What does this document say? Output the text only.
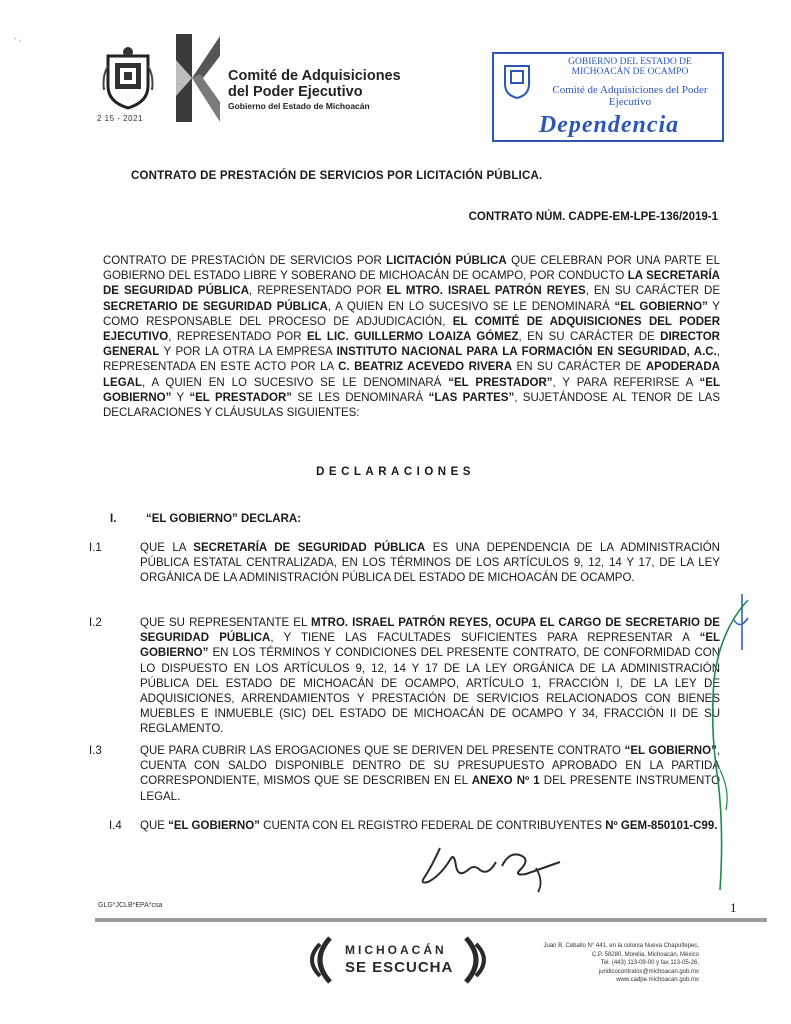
- ,
2 15 - 2021
Comité de Adquisiciones
del Poder Ejecutivo
Gobierno del Estado de Michoacán
GOBIERNO DEL ESTADO DE MICHOACÁN DE OCAMPO
Comité de Adquisiciones del Poder Ejecutivo
Dependencia
CONTRATO DE PRESTACIÓN DE SERVICIOS POR LICITACIÓN PÚBLICA.
CONTRATO NÚM. CADPE-EM-LPE-136/2019-1
CONTRATO DE PRESTACIÓN DE SERVICIOS POR LICITACIÓN PÚBLICA QUE CELEBRAN POR UNA PARTE EL GOBIERNO DEL ESTADO LIBRE Y SOBERANO DE MICHOACÁN DE OCAMPO, POR CONDUCTO LA SECRETARÍA DE SEGURIDAD PÚBLICA, REPRESENTADO POR EL MTRO. ISRAEL PATRÓN REYES, EN SU CARÁCTER DE SECRETARIO DE SEGURIDAD PÚBLICA, A QUIEN EN LO SUCESIVO SE LE DENOMINARÁ “EL GOBIERNO” Y COMO RESPONSABLE DEL PROCESO DE ADJUDICACIÓN, EL COMITÉ DE ADQUISICIONES DEL PODER EJECUTIVO, REPRESENTADO POR EL LIC. GUILLERMO LOAIZA GÓMEZ, EN SU CARÁCTER DE DIRECTOR GENERAL Y POR LA OTRA LA EMPRESA INSTITUTO NACIONAL PARA LA FORMACIÓN EN SEGURIDAD, A.C., REPRESENTADA EN ESTE ACTO POR LA C. BEATRIZ ACEVEDO RIVERA EN SU CARÁCTER DE APODERADA LEGAL, A QUIEN EN LO SUCESIVO SE LE DENOMINARÁ “EL PRESTADOR”, Y PARA REFERIRSE A “EL GOBIERNO” Y “EL PRESTADOR” SE LES DENOMINARÁ “LAS PARTES”, SUJETÁNDOSE AL TENOR DE LAS DECLARACIONES Y CLÁUSULAS SIGUIENTES:
DECLARACIONES
I.	“EL GOBIERNO” DECLARA:
I.1	QUE LA SECRETARÍA DE SEGURIDAD PÚBLICA ES UNA DEPENDENCIA DE LA ADMINISTRACIÓN PÚBLICA ESTATAL CENTRALIZADA, EN LOS TÉRMINOS DE LOS ARTÍCULOS 9, 12, 14 Y 17, DE LA LEY ORGÁNICA DE LA ADMINISTRACIÓN PÚBLICA DEL ESTADO DE MICHOACÁN DE OCAMPO.
I.2	QUE SU REPRESENTANTE EL MTRO. ISRAEL PATRÓN REYES, OCUPA EL CARGO DE SECRETARIO DE SEGURIDAD PÚBLICA, Y TIENE LAS FACULTADES SUFICIENTES PARA REPRESENTAR A “EL GOBIERNO” EN LOS TÉRMINOS Y CONDICIONES DEL PRESENTE CONTRATO, DE CONFORMIDAD CON LO DISPUESTO EN LOS ARTÍCULOS 9, 12, 14 Y 17 DE LA LEY ORGÁNICA DE LA ADMINISTRACIÓN PÚBLICA DEL ESTADO DE MICHOACÁN DE OCAMPO, ARTÍCULO 1, FRACCIÓN I, DE LA LEY DE ADQUISICIONES, ARRENDAMIENTOS Y PRESTACIÓN DE SERVICIOS RELACIONADOS CON BIENES MUEBLES E INMUEBLE (SIC) DEL ESTADO DE MICHOACÁN DE OCAMPO Y 34, FRACCIÓN II DE SU REGLAMENTO.
I.3	QUE PARA CUBRIR LAS EROGACIONES QUE SE DERIVEN DEL PRESENTE CONTRATO “EL GOBIERNO”, CUENTA CON SALDO DISPONIBLE DENTRO DE SU PRESUPUESTO APROBADO EN LA PARTIDA CORRESPONDIENTE, MISMOS QUE SE DESCRIBEN EN EL ANEXO Nº 1 DEL PRESENTE INSTRUMENTO LEGAL.
I.4	QUE “EL GOBIERNO” CUENTA CON EL REGISTRO FEDERAL DE CONTRIBUYENTES Nº GEM-850101-C99.
GLG*JCLB*EPA*csa	1
MICHOACÁN
SE ESCUCHA
Juan B. Ceballo N° 441, en la colonia Nueva Chapultepec,
C.P. 58280, Morelia, Michoacán, México
Tel. (443) 113-09-00 y fax 113-05-26,
juridicocontratos@michoacan.gob.mx
www.cadpe.michoacan.gob.mx
